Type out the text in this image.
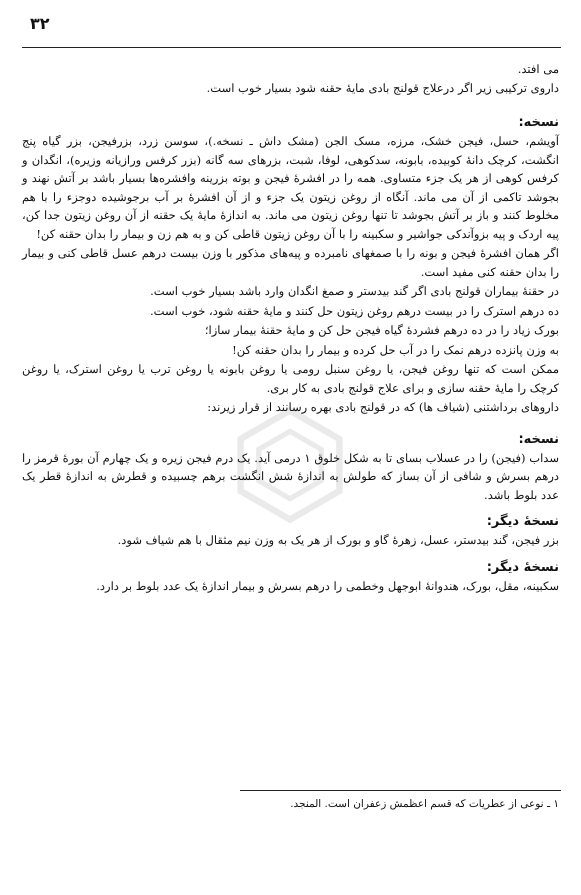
۳۲

می افتد.

داروی ترکیبی زیر اگر درعلاج قولنج بادی مایۀ حقنه شود بسیار خوب است.

نسخه:

آویشم، حسل، فیجن خشک، مرزه، مسک الجن (مشک داش ـ نسخه.)، سوسن زرد، بزرفیجن، بزر گیاه پنج انگشت، کرچک دانۀ کوبیده، بابونه، سدکوهی، لوفا، شبت، بزرهای سه گانه (بزر کرفس ورازیانه وزیره)، انگدان و کرفس کوهی از هر یک جزء متساوی. همه را در افشرۀ فیجن و بوته بزرینه وافشره‌ها بسیار باشد بر آتش نهند و بجوشد تاکمی از آن می ماند. آنگاه از روغن زیتون یک جزء و از آن افشرۀ بر آب برجوشیده دوجزء را با هم مخلوط کنند و باز بر آتش بجوشد تا تنها روغن زیتون می ماند. به اندازۀ مایۀ یک حقنه از آن روغن زیتون جدا کن، پیه اردک و پیه بزوآندکی جواشیر و سکبینه را با آن روغن زیتون قاطی کن و به هم زن و بیمار را بدان حقنه کن!

اگر همان افشرۀ فیجن و بونه را با صمغهای نامبرده و پیه‌های مذکور با وزن بیست درهم عسل قاطی کنی و بیمار را بدان حقنه کنی مفید است.

در حقنۀ بیماران قولنج بادی اگر گند بیدستر و صمغ انگدان وارد باشد بسیار خوب است.

ده درهم استرک را در بیست درهم روغن زیتون حل کنند و مایۀ حقنه شود، خوب است.

بورک زیاد را در ده درهم فشردۀ گیاه فیجن حل کن و مایۀ حقنۀ بیمار سازا؛

به وزن پانزده درهم نمک را در آب حل کرده و بیمار را بدان حقنه کن!

ممکن است که تنها روغن فیجن، یا روغن سنبل رومی یا روغن بابونه یا روغن ترب یا روغن استرک، یا روغن کرچک را مایۀ حقنه سازی و برای علاج قولنج بادی به کار بری.

داروهای برداشتنی (شیاف ها) که در قولنج بادی بهره رسانند از قرار زیرند:

نسخه:

سداب (فیجن) را در عسلاب بسای تا به شکل خلوق ۱ درمی آید. یک درم فیجن زیره و یک چهارم آن بورۀ قرمز را درهم بسرش و شافی از آن بساز که طولش به اندازۀ شش انگشت برهم چسبیده و قطرش به اندازۀ قطر یک عدد بلوط باشد.

نسخۀ دیگر:

بزر فیجن، گند بیدستر، عسل، زهرۀ گاو و بورک از هر یک به وزن نیم مثقال با هم شیاف شود.

نسخۀ دیگر:

سکبینه، مقل، بورک، هندوانۀ ابوجهل وخطمی را درهم بسرش و بیمار اندازۀ یک عدد بلوط بر دارد.

۱ ـ نوعی از عطریات که قسم اعظمش زعفران است. المنجد.
